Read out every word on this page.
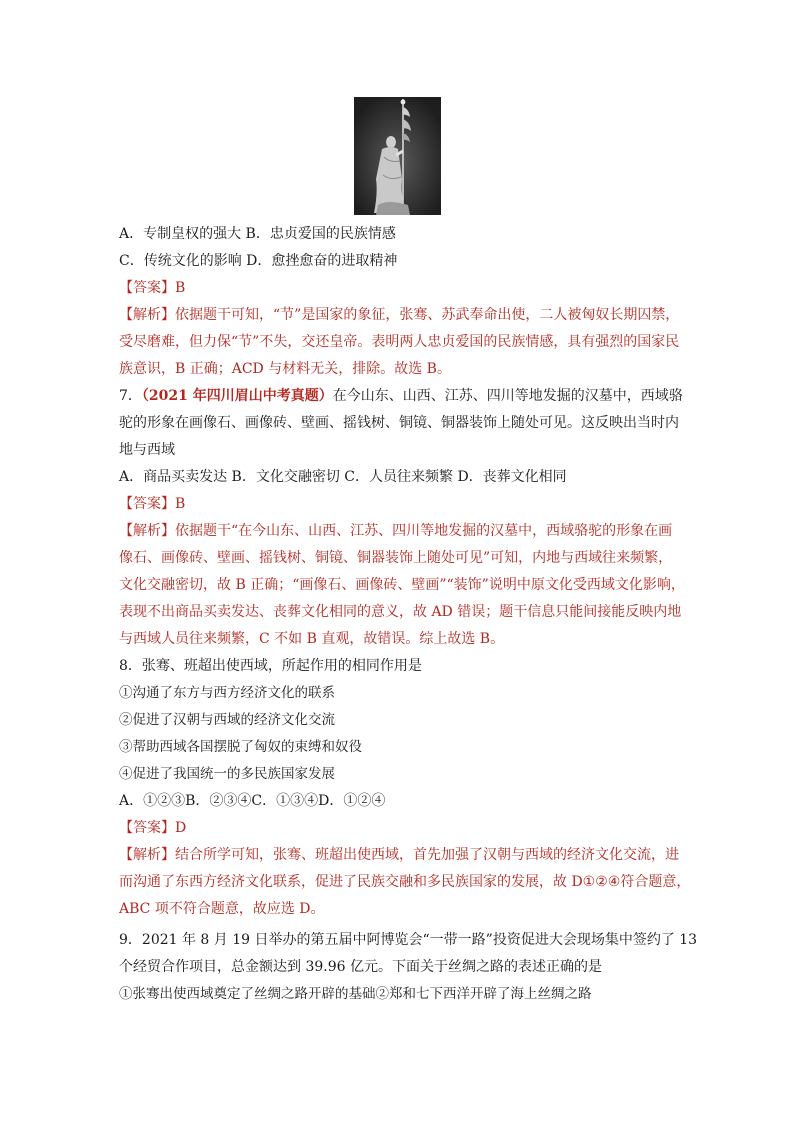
A．专制皇权的强大 B．忠贞爱国的民族情感
C．传统文化的影响 D．愈挫愈奋的进取精神
【答案】B
【解析】依据题干可知，“节”是国家的象征，张骞、苏武奉命出使，二人被匈奴长期囚禁，
受尽磨难，但力保“节”不失，交还皇帝。表明两人忠贞爱国的民族情感，具有强烈的国家民
族意识，B 正确；ACD 与材料无关，排除。故选 B。
7．（2021 年四川眉山中考真题）在今山东、山西、江苏、四川等地发掘的汉墓中，西域骆
驼的形象在画像石、画像砖、壁画、摇钱树、铜镜、铜器装饰上随处可见。这反映出当时内
地与西域
A．商品买卖发达 B．文化交融密切 C．人员往来频繁 D．丧葬文化相同
【答案】B
【解析】依据题干“在今山东、山西、江苏、四川等地发掘的汉墓中，西域骆驼的形象在画
像石、画像砖、壁画、摇钱树、铜镜、铜器装饰上随处可见”可知，内地与西域往来频繁，
文化交融密切，故 B 正确；“画像石、画像砖、壁画”“装饰”说明中原文化受西域文化影响，
表现不出商品买卖发达、丧葬文化相同的意义，故 AD 错误；题干信息只能间接能反映内地
与西域人员往来频繁，C 不如 B 直观，故错误。综上故选 B。
8．张骞、班超出使西域，所起作用的相同作用是
①沟通了东方与西方经济文化的联系
②促进了汉朝与西域的经济文化交流
③帮助西域各国摆脱了匈奴的束缚和奴役
④促进了我国统一的多民族国家发展
A．①②③B．②③④C．①③④D．①②④
【答案】D
【解析】结合所学可知，张骞、班超出使西域，首先加强了汉朝与西域的经济文化交流，进
而沟通了东西方经济文化联系，促进了民族交融和多民族国家的发展，故 D①②④符合题意，
ABC 项不符合题意，故应选 D。
9．2021 年 8 月 19 日举办的第五届中阿博览会“一带一路”投资促进大会现场集中签约了 13
个经贸合作项目，总金额达到 39.96 亿元。下面关于丝绸之路的表述正确的是
①张骞出使西域奠定了丝绸之路开辟的基础②郑和七下西洋开辟了海上丝绸之路
